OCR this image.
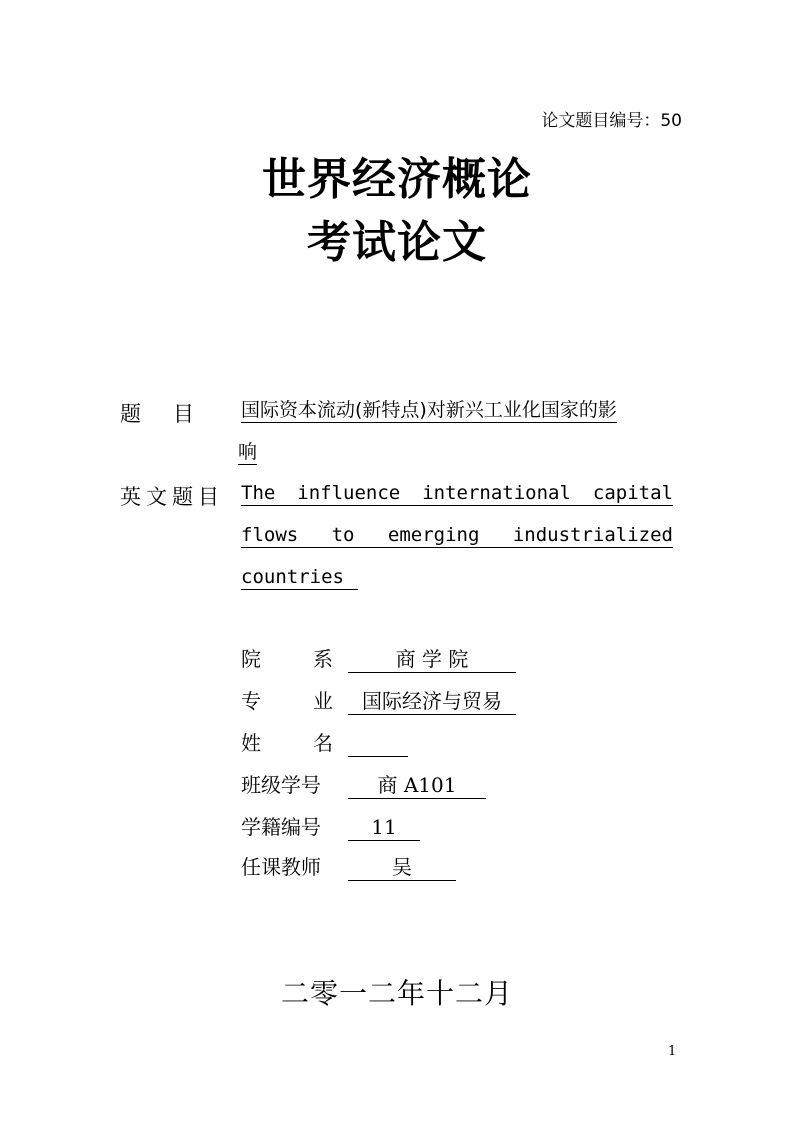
论文题目编号：50
世界经济概论
考试论文
题目 国际资本流动(新特点)对新兴工业化国家的影
响
英文题目 The influence international capital
flows to emerging industrialized
countries
院	系	商 学 院
专	业	国际经济与贸易
姓	名
班级学号	商 A101
学籍编号	11
任课教师	吴
二零一二年十二月
1
